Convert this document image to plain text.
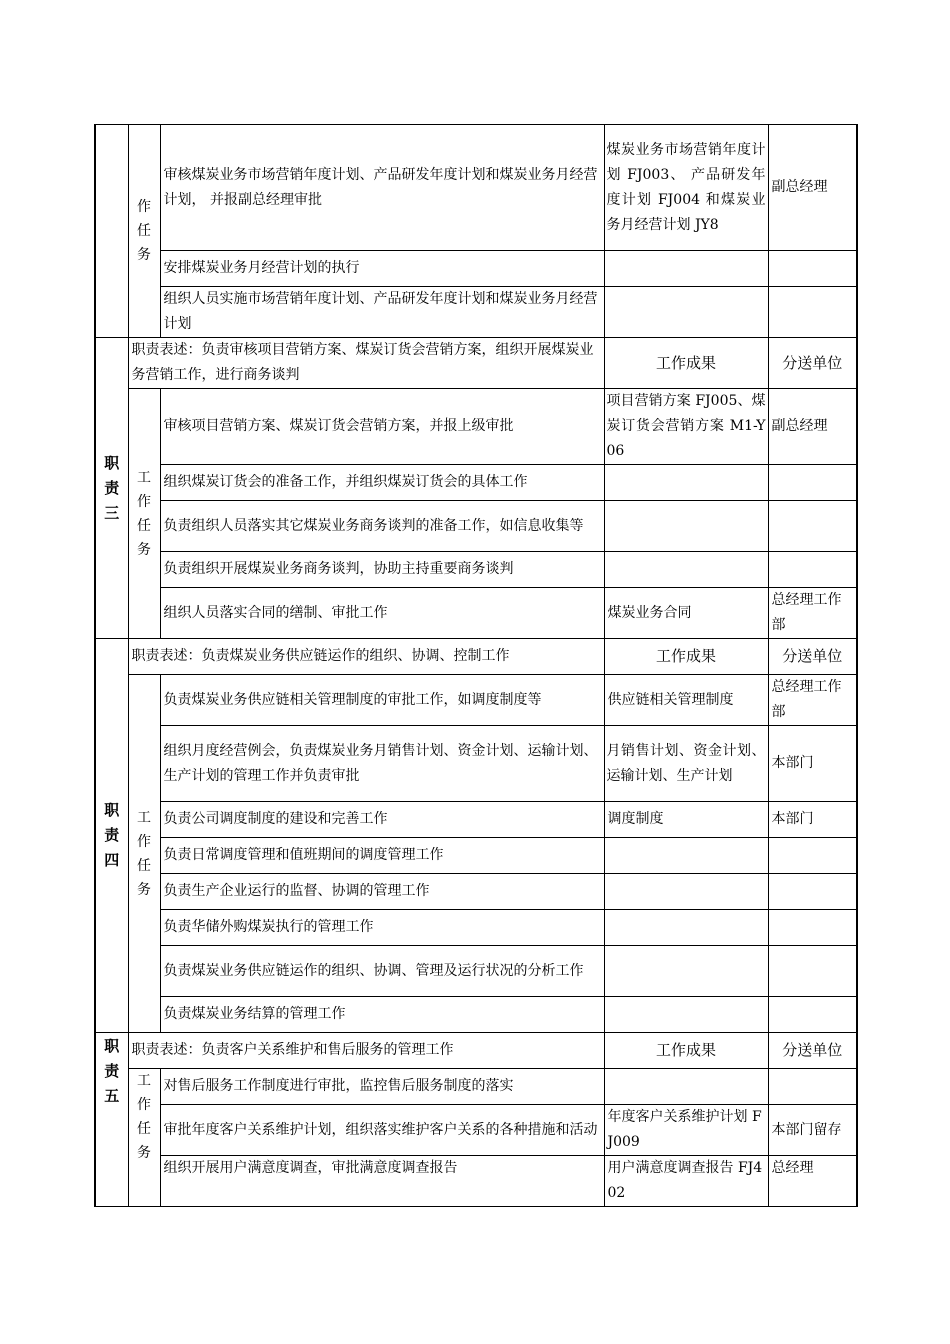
	作任务	审核煤炭业务市场营销年度计划、产品研发年度计划和煤炭业务月经营计划， 并报副总经理审批	煤炭业务市场营销年度计划 FJ003、 产品研发年度计划 FJ004 和煤炭业务月经营计划 JY8	副总经理
		安排煤炭业务月经营计划的执行		
		组织人员实施市场营销年度计划、产品研发年度计划和煤炭业务月经营计划		

职责三	职责表述：负责审核项目营销方案、煤炭订货会营销方案，组织开展煤炭业务营销工作，进行商务谈判		工作成果	分送单位

	工作任务	审核项目营销方案、煤炭订货会营销方案，并报上级审批	项目营销方案 FJ005、煤炭订货会营销方案 M1-Y06	副总经理
		组织煤炭订货会的准备工作，并组织煤炭订货会的具体工作		
		负责组织人员落实其它煤炭业务商务谈判的准备工作，如信息收集等		
		负责组织开展煤炭业务商务谈判，协助主持重要商务谈判		
		组织人员落实合同的缮制、审批工作	煤炭业务合同	总经理工作部

职责四	职责表述：负责煤炭业务供应链运作的组织、协调、控制工作		工作成果	分送单位

	工作任务	负责煤炭业务供应链相关管理制度的审批工作，如调度制度等	供应链相关管理制度	总经理工作部
		组织月度经营例会，负责煤炭业务月销售计划、资金计划、运输计划、生产计划的管理工作并负责审批	月销售计划、资金计划、运输计划、生产计划	本部门
		负责公司调度制度的建设和完善工作	调度制度	本部门
		负责日常调度管理和值班期间的调度管理工作		
		负责生产企业运行的监督、协调的管理工作		
		负责华储外购煤炭执行的管理工作		
		负责煤炭业务供应链运作的组织、协调、管理及运行状况的分析工作		
		负责煤炭业务结算的管理工作		

职责五	职责表述：负责客户关系维护和售后服务的管理工作		工作成果	分送单位

	工作任务	对售后服务工作制度进行审批，监控售后服务制度的落实		
		审批年度客户关系维护计划，组织落实维护客户关系的各种措施和活动	年度客户关系维护计划 FJ009	本部门留存
		组织开展用户满意度调查，审批满意度调查报告	用户满意度调查报告 FJ402	总经理
